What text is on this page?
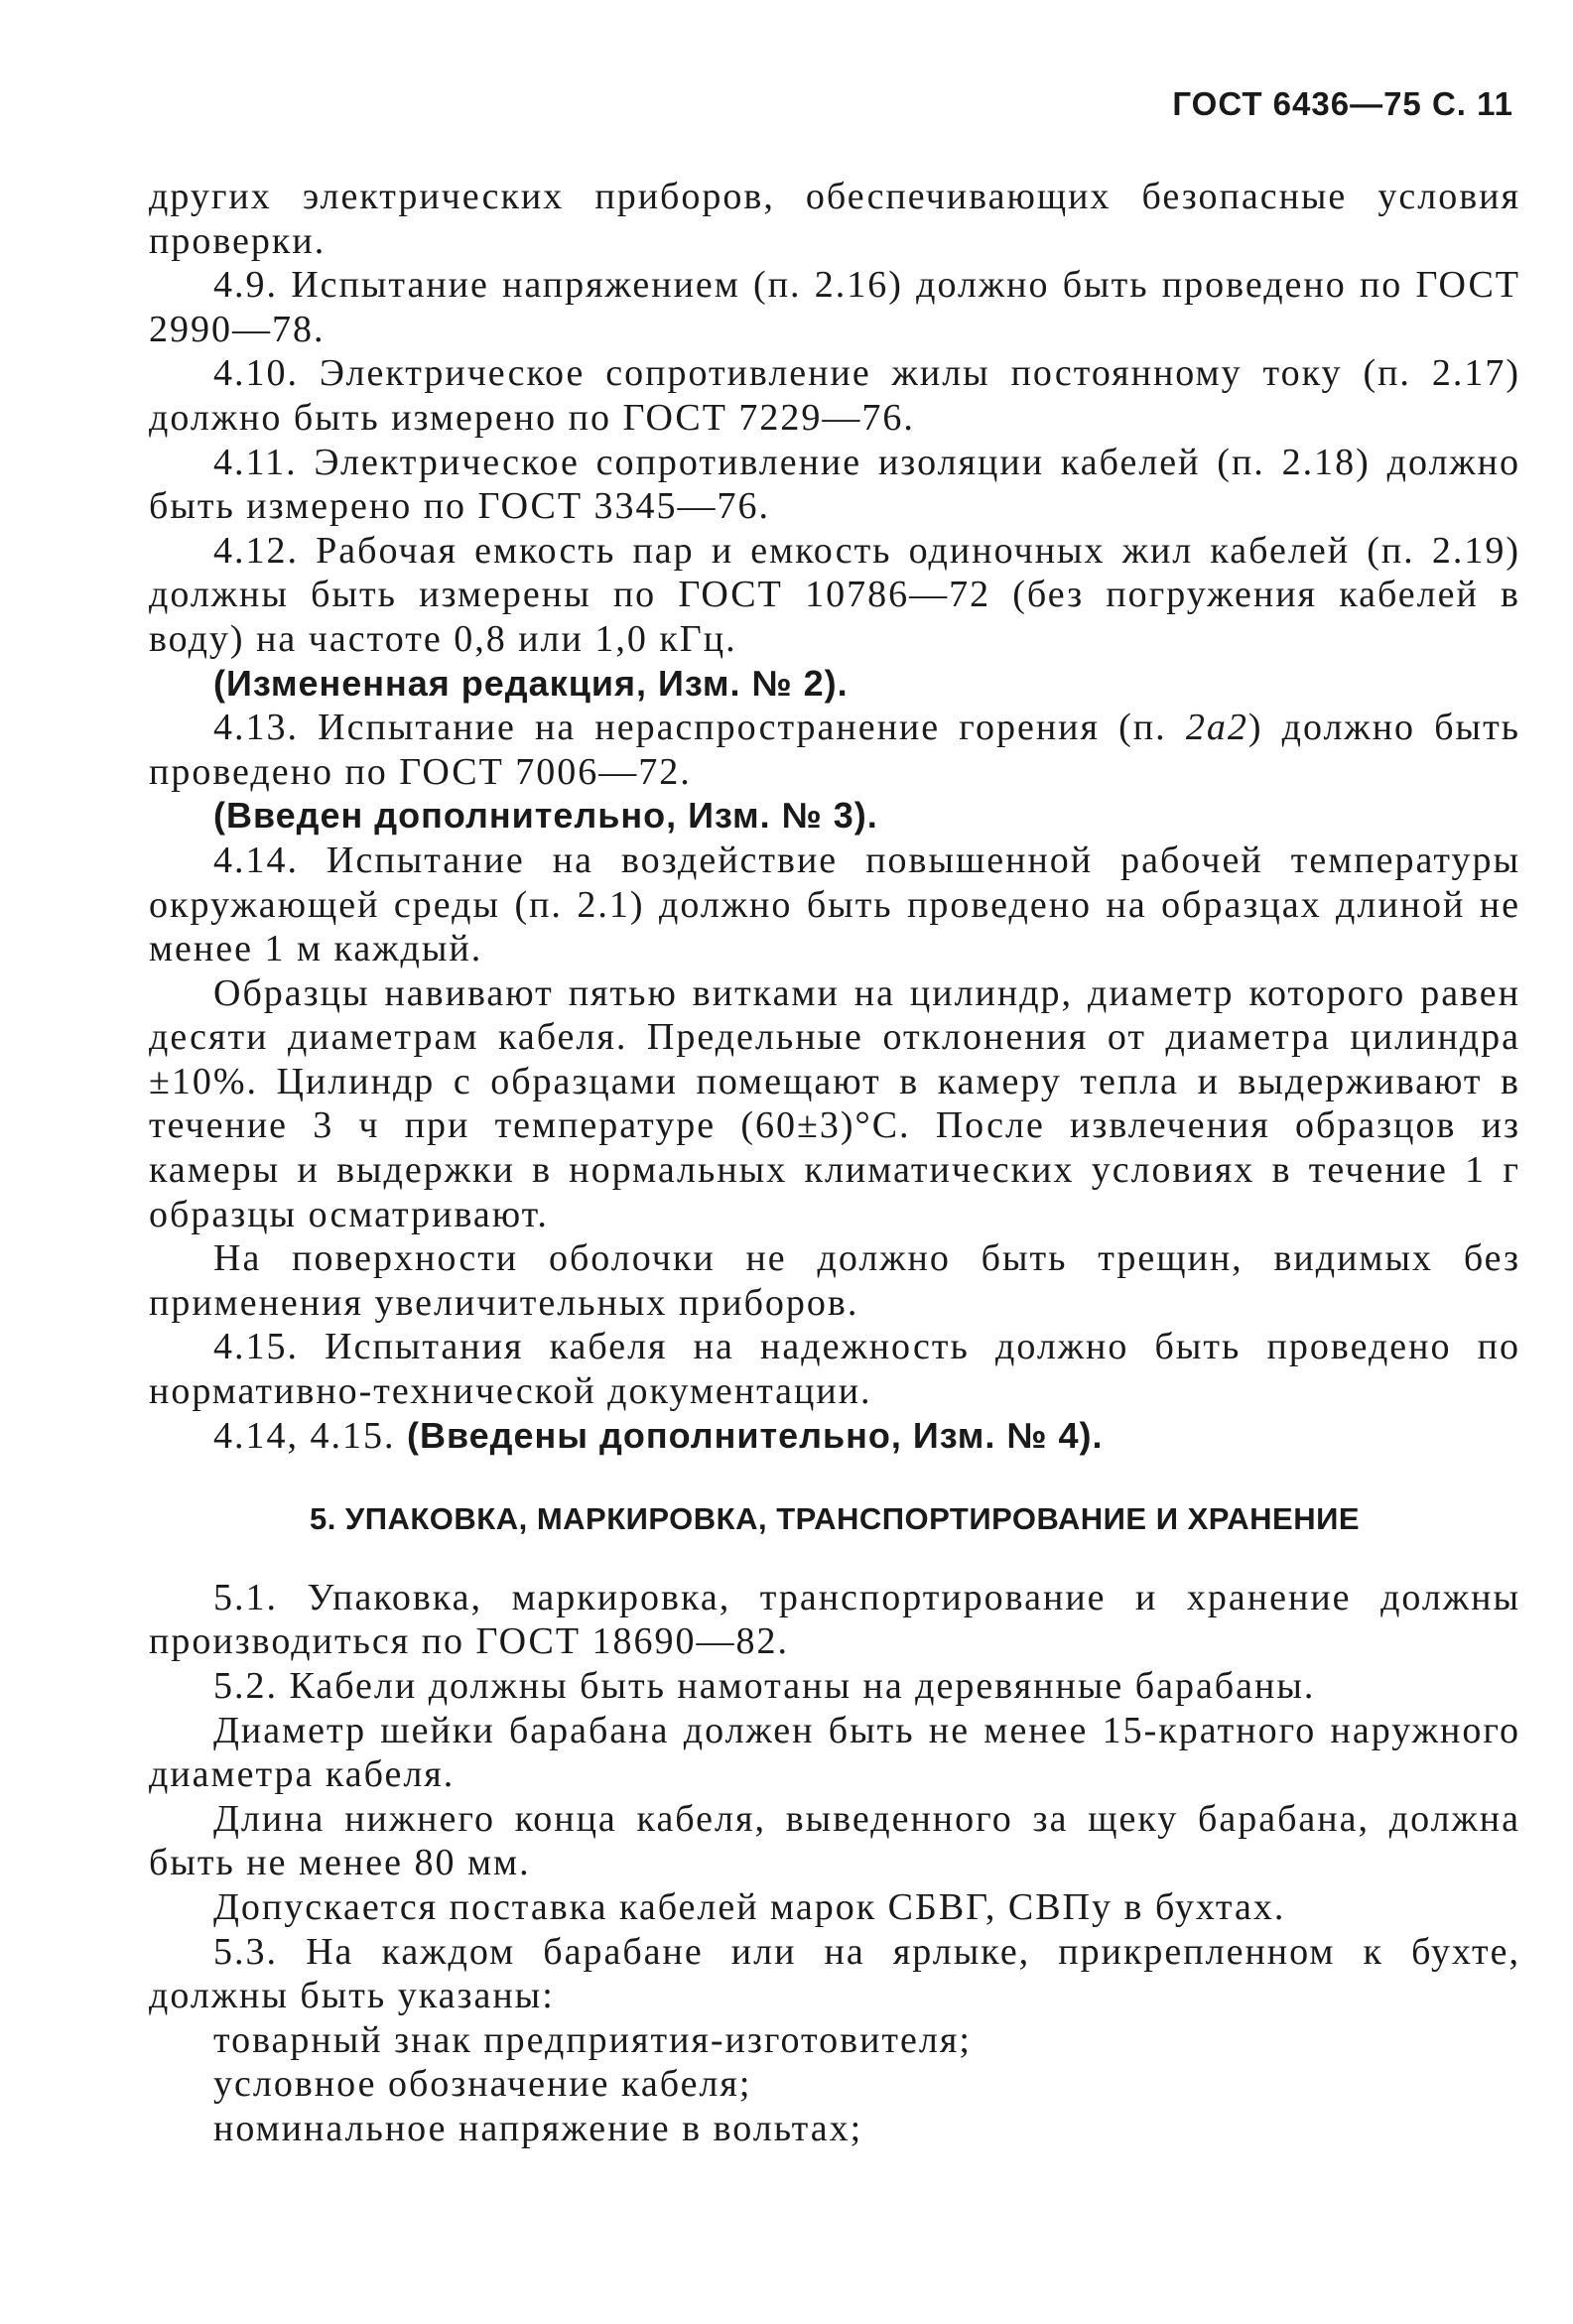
ГОСТ 6436—75 С. 11

других электрических приборов, обеспечивающих безопасные условия проверки.

4.9. Испытание напряжением (п. 2.16) должно быть проведено по ГОСТ 2990—78.

4.10. Электрическое сопротивление жилы постоянному току (п. 2.17) должно быть измерено по ГОСТ 7229—76.

4.11. Электрическое сопротивление изоляции кабелей (п. 2.18) должно быть измерено по ГОСТ 3345—76.

4.12. Рабочая емкость пар и емкость одиночных жил кабелей (п. 2.19) должны быть измерены по ГОСТ 10786—72 (без погружения кабелей в воду) на частоте 0,8 или 1,0 кГц.

(Измененная редакция, Изм. № 2).

4.13. Испытание на нераспространение горения (п. 2а2) должно быть проведено по ГОСТ 7006—72.

(Введен дополнительно, Изм. № 3).

4.14. Испытание на воздействие повышенной рабочей температуры окружающей среды (п. 2.1) должно быть проведено на образцах длиной не менее 1 м каждый.

Образцы навивают пятью витками на цилиндр, диаметр которого равен десяти диаметрам кабеля. Предельные отклонения от диаметра цилиндра ±10%. Цилиндр с образцами помещают в камеру тепла и выдерживают в течение 3 ч при температуре (60±3)°С. После извлечения образцов из камеры и выдержки в нормальных климатических условиях в течение 1 г образцы осматривают.

На поверхности оболочки не должно быть трещин, видимых без применения увеличительных приборов.

4.15. Испытания кабеля на надежность должно быть проведено по нормативно-технической документации.

4.14, 4.15. (Введены дополнительно, Изм. № 4).

5. УПАКОВКА, МАРКИРОВКА, ТРАНСПОРТИРОВАНИЕ И ХРАНЕНИЕ

5.1. Упаковка, маркировка, транспортирование и хранение должны производиться по ГОСТ 18690—82.

5.2. Кабели должны быть намотаны на деревянные барабаны.

Диаметр шейки барабана должен быть не менее 15-кратного наружного диаметра кабеля.

Длина нижнего конца кабеля, выведенного за щеку барабана, должна быть не менее 80 мм.

Допускается поставка кабелей марок СБВГ, СВПу в бухтах.

5.3. На каждом барабане или на ярлыке, прикрепленном к бухте, должны быть указаны:

товарный знак предприятия-изготовителя;

условное обозначение кабеля;

номинальное напряжение в вольтах;
